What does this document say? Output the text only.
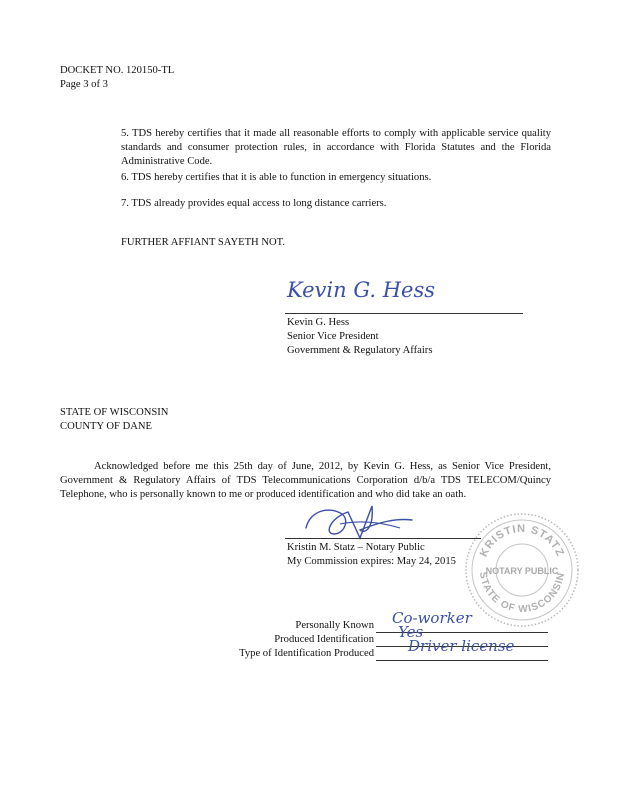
DOCKET NO. 120150-TL
Page 3 of 3

5. TDS hereby certifies that it made all reasonable efforts to comply with applicable service quality standards and consumer protection rules, in accordance with Florida Statutes and the Florida Administrative Code.

6. TDS hereby certifies that it is able to function in emergency situations.
7. TDS already provides equal access to long distance carriers.
FURTHER AFFIANT SAYETH NOT.
Kevin G. Hess
Kevin G. Hess
Senior Vice President
Government & Regulatory Affairs
STATE OF WISCONSIN
COUNTY OF DANE

Acknowledged before me this 25th day of June, 2012, by Kevin G. Hess, as Senior Vice President, Government & Regulatory Affairs of TDS Telecommunications Corporation d/b/a TDS TELECOM/Quincy Telephone, who is personally known to me or produced identification and who did take an oath.

KRISTIN STATZ
STATE OF WISCONSIN
NOTARY PUBLIC
Kristin M. Statz – Notary Public
My Commission expires: May 24, 2015
Personally Known Co-worker
Produced Identification Yes
Type of Identification Produced Driver license
